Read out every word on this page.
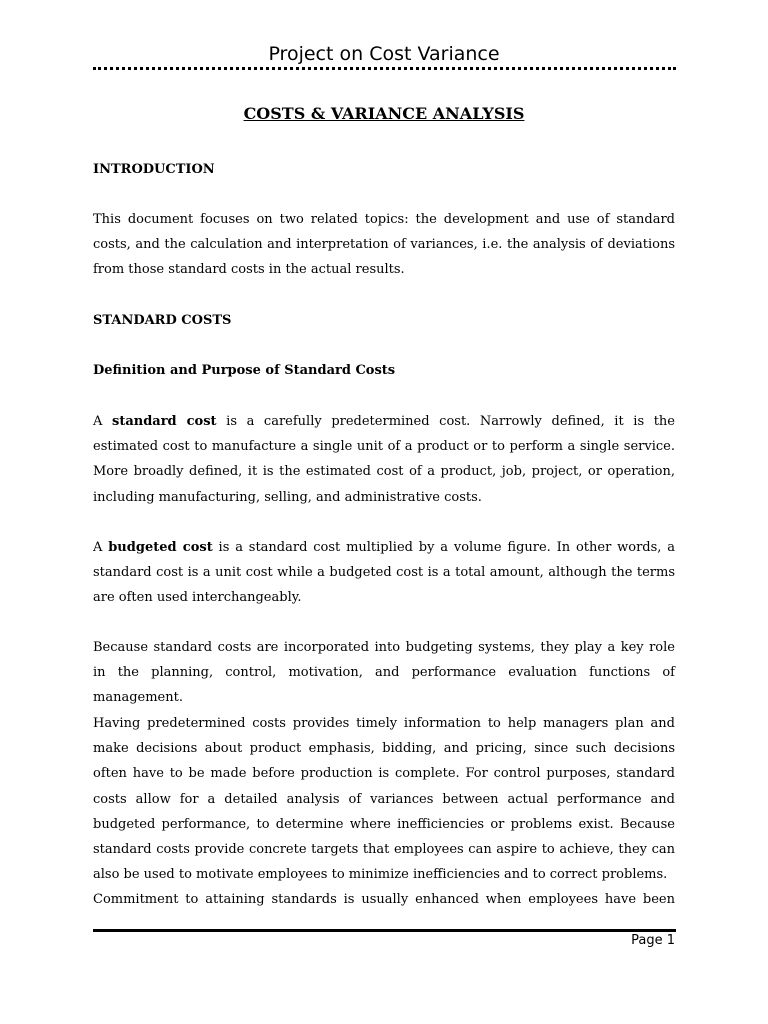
Project on Cost Variance
COSTS & VARIANCE ANALYSIS
INTRODUCTION
This document focuses on two related topics: the development and use of standard costs, and the calculation and interpretation of variances, i.e. the analysis of deviations from those standard costs in the actual results.
STANDARD COSTS
Definition and Purpose of Standard Costs
A standard cost is a carefully predetermined cost. Narrowly defined, it is the estimated cost to manufacture a single unit of a product or to perform a single service. More broadly defined, it is the estimated cost of a product, job, project, or operation, including manufacturing, selling, and administrative costs.
A budgeted cost is a standard cost multiplied by a volume figure. In other words, a standard cost is a unit cost while a budgeted cost is a total amount, although the terms are often used interchangeably.
Because standard costs are incorporated into budgeting systems, they play a key role in the planning, control, motivation, and performance evaluation functions of management.
Having predetermined costs provides timely information to help managers plan and make decisions about product emphasis, bidding, and pricing, since such decisions often have to be made before production is complete. For control purposes, standard costs allow for a detailed analysis of variances between actual performance and budgeted performance, to determine where inefficiencies or problems exist. Because standard costs provide concrete targets that employees can aspire to achieve, they can also be used to motivate employees to minimize inefficiencies and to correct problems.
Commitment to attaining standards is usually enhanced when employees have been
Page 1
